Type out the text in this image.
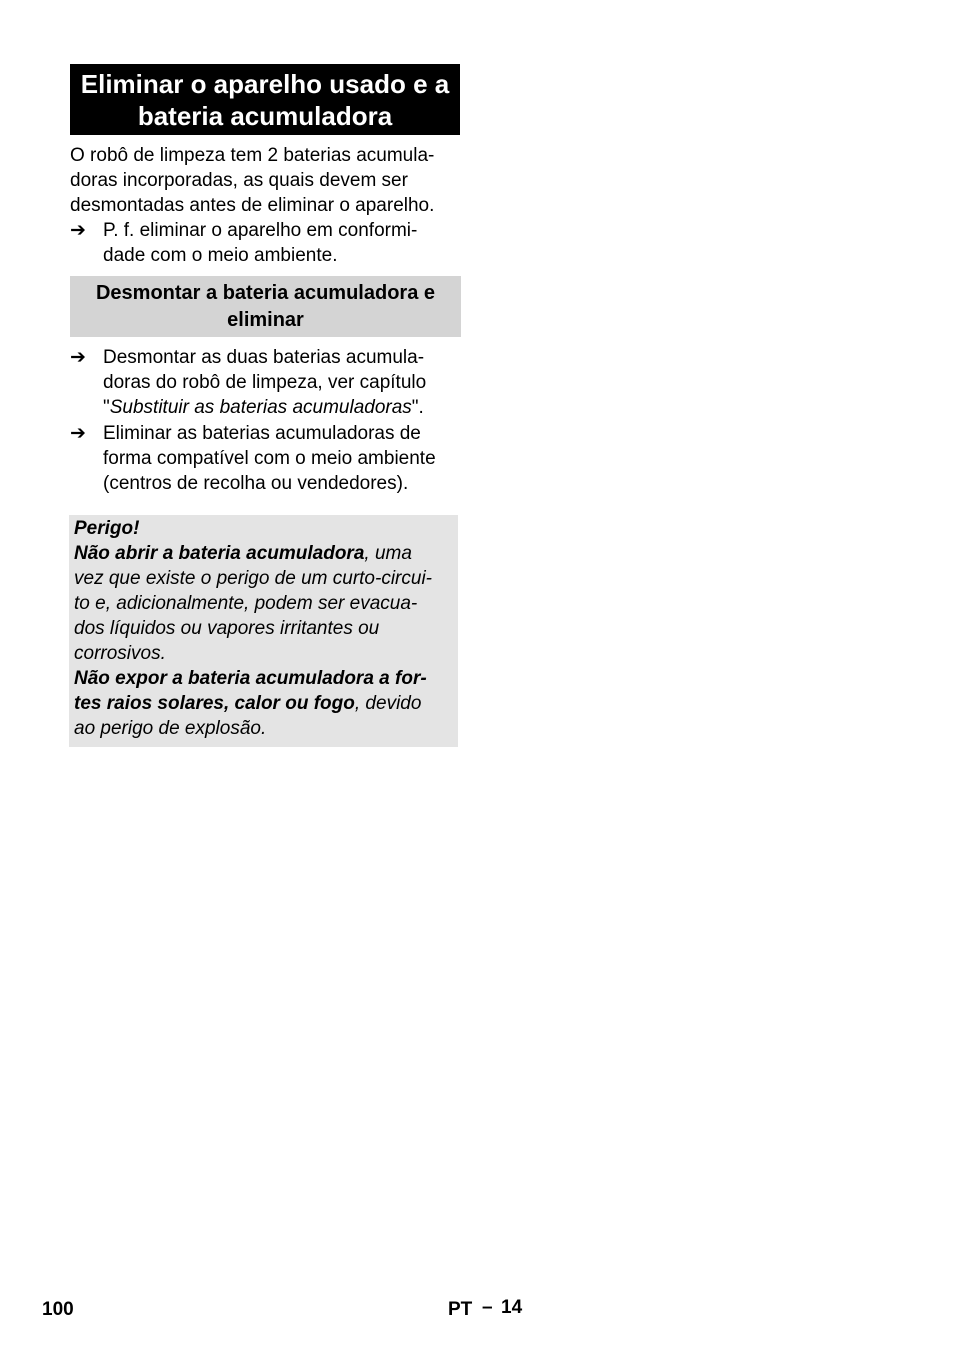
Eliminar o aparelho usado e a
bateria acumuladora
O robô de limpeza tem 2 baterias acumula-
doras incorporadas, as quais devem ser
desmontadas antes de eliminar o aparelho.
➔ P. f. eliminar o aparelho em conformi-
dade com o meio ambiente.
Desmontar a bateria acumuladora e
eliminar
➔ Desmontar as duas baterias acumula-
doras do robô de limpeza, ver capítulo
"Substituir as baterias acumuladoras".
➔ Eliminar as baterias acumuladoras de
forma compatível com o meio ambiente
(centros de recolha ou vendedores).
Perigo!
Não abrir a bateria acumuladora, uma
vez que existe o perigo de um curto-circui-
to e, adicionalmente, podem ser evacua-
dos líquidos ou vapores irritantes ou
corrosivos.
Não expor a bateria acumuladora a for-
tes raios solares, calor ou fogo, devido
ao perigo de explosão.
100	PT – 14
